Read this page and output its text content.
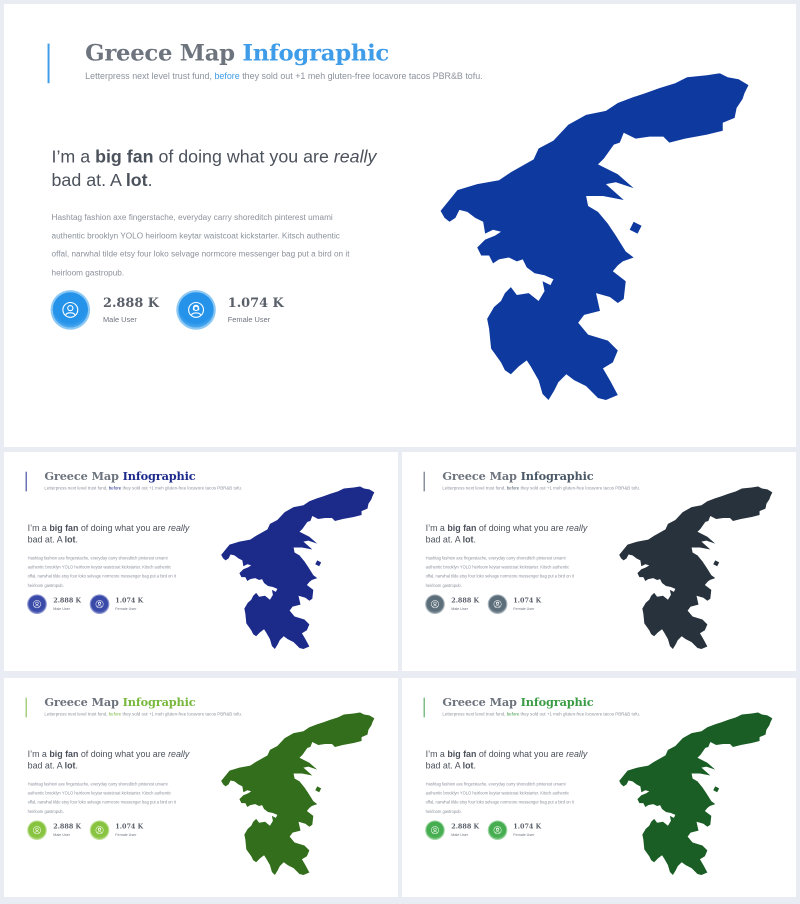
Greece Map Infographic
Letterpress next level trust fund, before they sold out +1 meh gluten-free locavore tacos PBR&B tofu.
I’m a big fan of doing what you are really bad at. A lot.
Hashtag fashion axe fingerstache, everyday carry shoreditch pinterest umami authentic brooklyn YOLO heirloom keytar waistcoat kickstarter. Kitsch authentic offal, narwhal tilde etsy four loko selvage normcore messenger bag put a bird on it heirloom gastropub.
2.888 K
Male User
1.074 K
Female User
Greece Map Infographic
Letterpress next level trust fund, before they sold out +1 meh gluten-free locavore tacos PBR&B tofu.
I’m a big fan of doing what you are really bad at. A lot.
Hashtag fashion axe fingerstache, everyday carry shoreditch pinterest umami authentic brooklyn YOLO heirloom keytar waistcoat kickstarter. Kitsch authentic offal, narwhal tilde etsy four loko selvage normcore messenger bag put a bird on it heirloom gastropub.
2.888 K
Male User
1.074 K
Female User
Greece Map Infographic
Letterpress next level trust fund, before they sold out +1 meh gluten-free locavore tacos PBR&B tofu.
I’m a big fan of doing what you are really bad at. A lot.
Hashtag fashion axe fingerstache, everyday carry shoreditch pinterest umami authentic brooklyn YOLO heirloom keytar waistcoat kickstarter. Kitsch authentic offal, narwhal tilde etsy four loko selvage normcore messenger bag put a bird on it heirloom gastropub.
2.888 K
Male User
1.074 K
Female User
Greece Map Infographic
Letterpress next level trust fund, before they sold out +1 meh gluten-free locavore tacos PBR&B tofu.
I’m a big fan of doing what you are really bad at. A lot.
Hashtag fashion axe fingerstache, everyday carry shoreditch pinterest umami authentic brooklyn YOLO heirloom keytar waistcoat kickstarter. Kitsch authentic offal, narwhal tilde etsy four loko selvage normcore messenger bag put a bird on it heirloom gastropub.
2.888 K
Male User
1.074 K
Female User
Greece Map Infographic
Letterpress next level trust fund, before they sold out +1 meh gluten-free locavore tacos PBR&B tofu.
I’m a big fan of doing what you are really bad at. A lot.
Hashtag fashion axe fingerstache, everyday carry shoreditch pinterest umami authentic brooklyn YOLO heirloom keytar waistcoat kickstarter. Kitsch authentic offal, narwhal tilde etsy four loko selvage normcore messenger bag put a bird on it heirloom gastropub.
2.888 K
Male User
1.074 K
Female User
